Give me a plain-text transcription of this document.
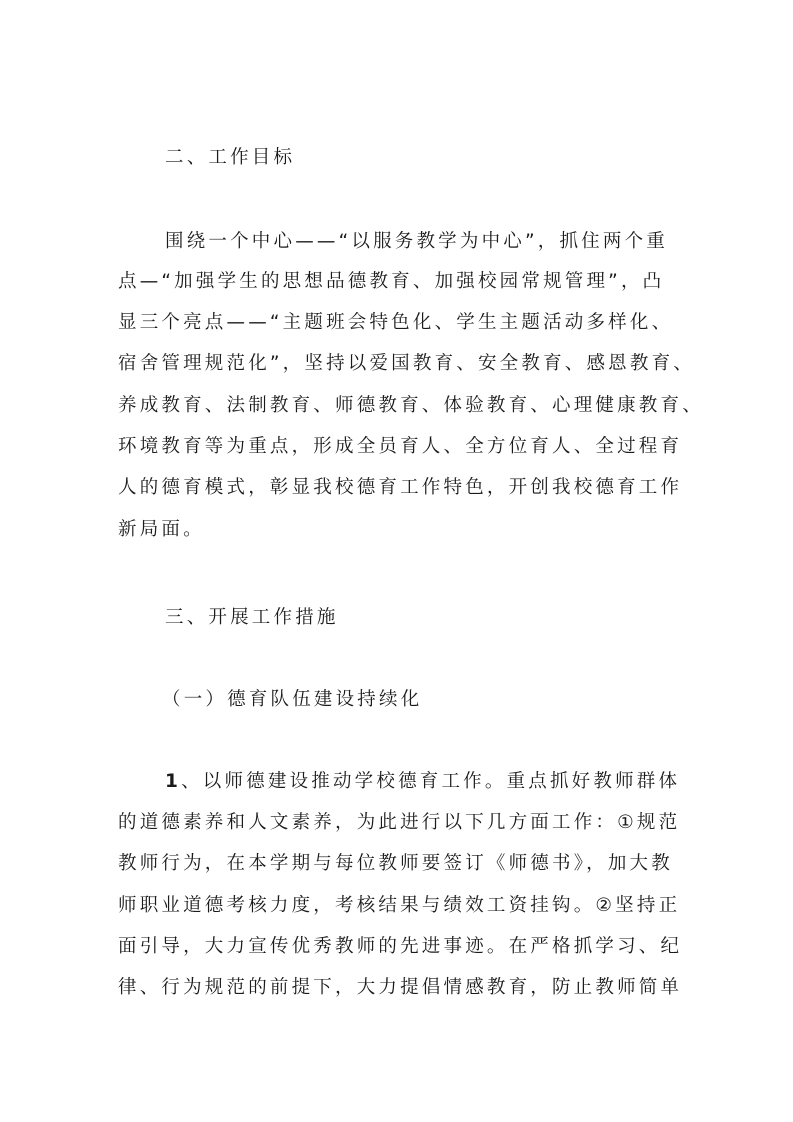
二、工作目标
围绕一个中心——“以服务教学为中心”，抓住两个重
点—“加强学生的思想品德教育、加强校园常规管理”，凸
显三个亮点——“主题班会特色化、学生主题活动多样化、
宿舍管理规范化”，坚持以爱国教育、安全教育、感恩教育、
养成教育、法制教育、师德教育、体验教育、心理健康教育、
环境教育等为重点，形成全员育人、全方位育人、全过程育
人的德育模式，彰显我校德育工作特色，开创我校德育工作
新局面。
三、开展工作措施
（一）德育队伍建设持续化
1、以师德建设推动学校德育工作。重点抓好教师群体
的道德素养和人文素养，为此进行以下几方面工作：①规范
教师行为，在本学期与每位教师要签订《师德书》，加大教
师职业道德考核力度，考核结果与绩效工资挂钩。②坚持正
面引导，大力宣传优秀教师的先进事迹。在严格抓学习、纪
律、行为规范的前提下，大力提倡情感教育，防止教师简单
